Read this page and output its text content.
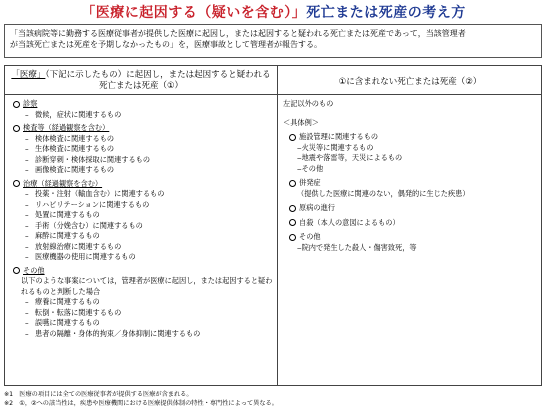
「医療に起因する（疑いを含む）」死亡または死産の考え方
「当該病院等に勤務する医療従事者が提供した医療に起因し，または起因すると疑われる死亡または死産であって，当該管理者
が当該死亡または死産を予期しなかったもの」を，医療事故として管理者が報告する。
「医療」（下記に示したもの）に起因し，または起因すると疑われる
死亡または死産（①）	①に含まれない死亡または死産（②）
診察
– 微候，症状に関連するもの
検査等（経過観察を含む）
– 検体検査に関連するもの
– 生体検査に関連するもの
– 診断穿刺・検体採取に関連するもの
– 画像検査に関連するもの
治療（経過観察を含む）
– 投薬・注射（輸血含む）に関連するもの
– リハビリテーションに関連するもの
– 処置に関連するもの
– 手術（分娩含む）に関連するもの
– 麻酔に関連するもの
– 放射線治療に関連するもの
– 医療機器の使用に関連するもの
その他
以下のような事案については，管理者が医療に起因し，または起因すると疑われるものと判断した場合
– 療養に関連するもの
– 転倒・転落に関連するもの
– 誤嚥に関連するもの
– 患者の隔離・身体的拘束／身体抑制に関連するもの
左記以外のもの
＜具体例＞
施設管理に関連するもの
‒火災等に関連するもの
‒地震や落雷等，天災によるもの
‒その他
併発症
（提供した医療に関連のない，偶発的に生じた疾患）
原病の進行
自殺（本人の意図によるもの）
その他
‒院内で発生した殺人・傷害致死，等
※1　医療の項目には全ての医療従事者が提供する医療が含まれる。
※2　①，②への該当性は，疾患や医療機関における医療提供体制の特性・専門性によって異なる。
